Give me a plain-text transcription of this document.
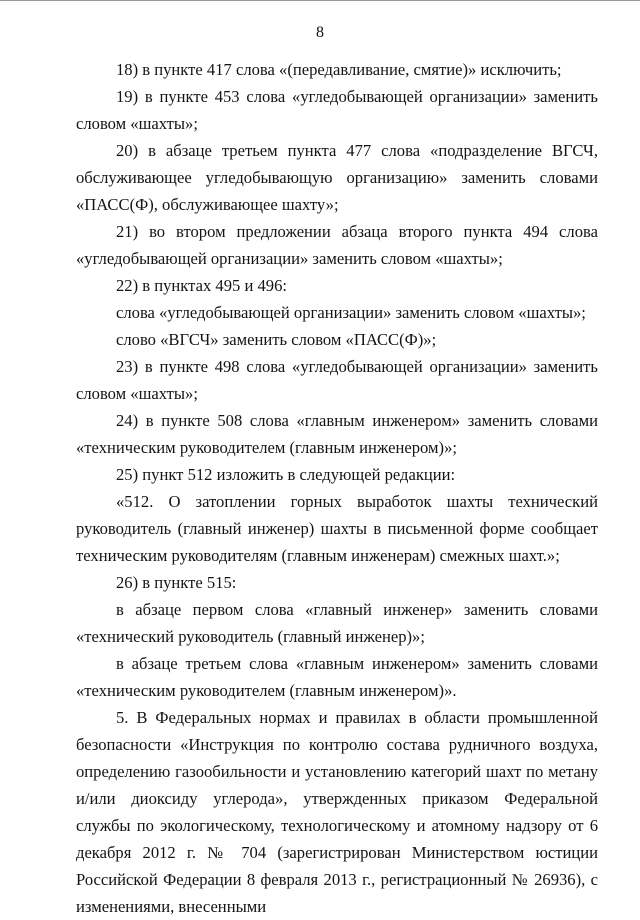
8

18) в пункте 417 слова «(передавливание, смятие)» исключить;

19) в пункте 453 слова «угледобывающей организации» заменить словом «шахты»;

20) в абзаце третьем пункта 477 слова «подразделение ВГСЧ, обслуживающее угледобывающую организацию» заменить словами «ПАСС(Ф), обслуживающее шахту»;

21) во втором предложении абзаца второго пункта 494 слова «угледобывающей организации» заменить словом «шахты»;

22) в пунктах 495 и 496:

слова «угледобывающей организации» заменить словом «шахты»;

слово «ВГСЧ» заменить словом «ПАСС(Ф)»;

23) в пункте 498 слова «угледобывающей организации» заменить словом «шахты»;

24) в пункте 508 слова «главным инженером» заменить словами «техническим руководителем (главным инженером)»;

25) пункт 512 изложить в следующей редакции:

«512. О затоплении горных выработок шахты технический руководитель (главный инженер) шахты в письменной форме сообщает техническим руководителям (главным инженерам) смежных шахт.»;

26) в пункте 515:

в абзаце первом слова «главный инженер» заменить словами «технический руководитель (главный инженер)»;

в абзаце третьем слова «главным инженером» заменить словами «техническим руководителем (главным инженером)».

5. В Федеральных нормах и правилах в области промышленной безопасности «Инструкция по контролю состава рудничного воздуха, определению газообильности и установлению категорий шахт по метану и/или диоксиду углерода», утвержденных приказом Федеральной службы по экологическому, технологическому и атомному надзору от 6 декабря 2012 г. № 704 (зарегистрирован Министерством юстиции Российской Федерации 8 февраля 2013 г., регистрационный № 26936), с изменениями, внесенными
